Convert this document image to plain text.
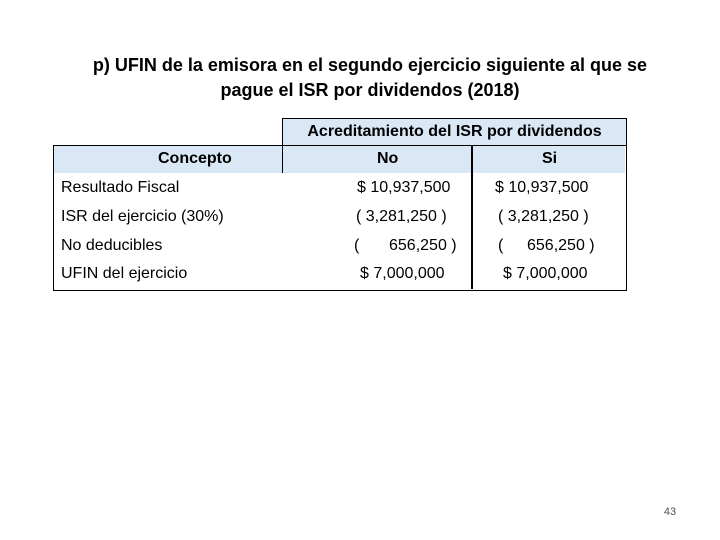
p) UFIN de la emisora en el segundo ejercicio siguiente al que se
pague el ISR por dividendos (2018)
Acreditamiento del ISR por dividendos
Concepto	No	Si
Resultado Fiscal	$ 10,937,500	$ 10,937,500
ISR del ejercicio (30%)	( 3,281,250 )	( 3,281,250 )
No deducibles	( 656,250 )	( 656,250 )
UFIN del ejercicio	$ 7,000,000	$ 7,000,000
43
